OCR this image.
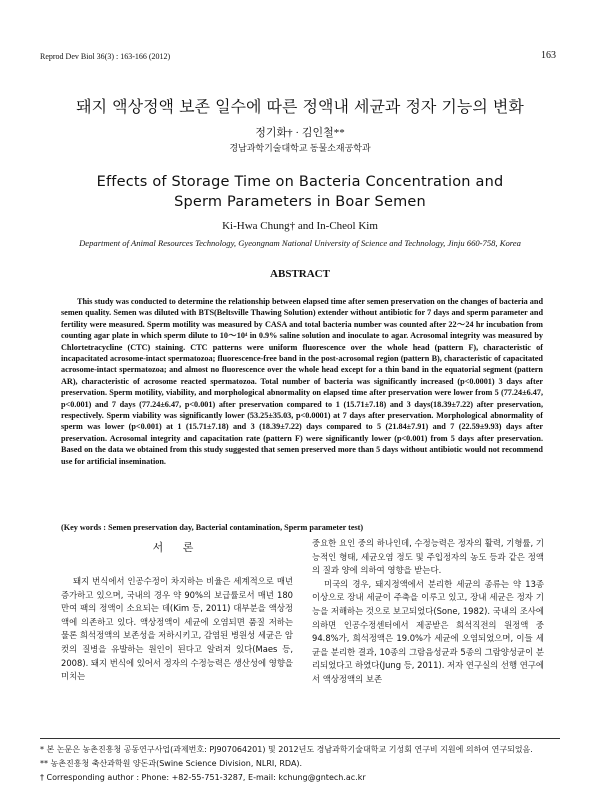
Reprod Dev Biol 36(3) : 163-166 (2012)	163
돼지 액상정액 보존 일수에 따른 정액내 세균과 정자 기능의 변화
정기화† · 김인철**
경남과학기술대학교 동물소재공학과
Effects of Storage Time on Bacteria Concentration and
Sperm Parameters in Boar Semen
Ki-Hwa Chung† and In-Cheol Kim
Department of Animal Resources Technology, Gyeongnam National University of Science and Technology, Jinju 660-758, Korea
ABSTRACT

This study was conducted to determine the relationship between elapsed time after semen preservation on the changes of bacteria and semen quality. Semen was diluted with BTS(Beltsville Thawing Solution) extender without antibiotic for 7 days and sperm parameter and fertility were measured. Sperm motility was measured by CASA and total bacteria number was counted after 22～24 hr incubation from counting agar plate in which sperm dilute to 10～10⁴ in 0.9% saline solution and inoculate to agar. Acrosomal integrity was measured by Chlortetracycline (CTC) staining. CTC patterns were uniform fluorescence over the whole head (pattern F), characteristic of incapacitated acrosome-intact spermatozoa; fluorescence-free band in the post-acrosomal region (pattern B), characteristic of capacitated acrosome-intact spermatozoa; and almost no fluorescence over the whole head except for a thin band in the equatorial segment (pattern AR), characteristic of acrosome reacted spermatozoa. Total number of bacteria was significantly increased (p<0.0001) 3 days after preservation. Sperm motility, viability, and morphological abnormality on elapsed time after preservation were lower from 5 (77.24±6.47, p<0.001) and 7 days (77.24±6.47, p<0.001) after preservation compared to 1 (15.71±7.18) and 3 days(18.39±7.22) after preservation, respectively. Sperm viability was significantly lower (53.25±35.03, p<0.0001) at 7 days after preservation. Morphological abnormality of sperm was lower (p<0.001) at 1 (15.71±7.18) and 3 (18.39±7.22) days compared to 5 (21.84±7.91) and 7 (22.59±9.93) days after preservation. Acrosomal integrity and capacitation rate (pattern F) were significantly lower (p<0.001) from 5 days after preservation. Based on the data we obtained from this study suggested that semen preserved more than 5 days without antibiotic would not recommend use for artificial insemination.

(Key words : Semen preservation day, Bacterial contamination, Sperm parameter test)
서 론

돼지 번식에서 인공수정이 차지하는 비율은 세계적으로 매년 증가하고 있으며, 국내의 경우 약 90%의 보급률로서 매년 180만여 팩의 정액이 소요되는 데(Kim 등, 2011) 대부분을 액상정액에 의존하고 있다. 액상정액이 세균에 오염되면 품질 저하는 물론 희석정액의 보존성을 저하시키고, 감염된 병원성 세균은 암컷의 질병을 유발하는 원인이 된다고 알려져 있다(Maes 등, 2008). 돼지 번식에 있어서 정자의 수정능력은 생산성에 영향을 미치는

중요한 요인 중의 하나인데, 수정능력은 정자의 활력, 기형률, 기능적인 형태, 세균오염 정도 및 주입정자의 농도 등과 같은 정액의 질과 양에 의하여 영향을 받는다.

미국의 경우, 돼지정액에서 분리한 세균의 종류는 약 13종 이상으로 장내 세균이 주축을 이루고 있고, 장내 세균은 정자 기능을 저해하는 것으로 보고되었다(Sone, 1982). 국내의 조사에 의하면 인공수정센터에서 제공받은 희석직전의 원정액 중 94.8%가, 희석정액은 19.0%가 세균에 오염되었으며, 이들 세균을 분리한 결과, 10종의 그람음성균과 5종의 그람양성균이 분리되었다고 하였다(Jung 등, 2011). 저자 연구실의 선행 연구에서 액상정액의 보존

* 본 논문은 농촌진흥청 공동연구사업(과제번호: PJ907064201) 및 2012년도 경남과학기술대학교 기성회 연구비 지원에 의하여 연구되었음.
** 농촌진흥청 축산과학원 양돈과(Swine Science Division, NLRI, RDA).
† Corresponding author : Phone: +82-55-751-3287, E-mail: kchung@gntech.ac.kr
